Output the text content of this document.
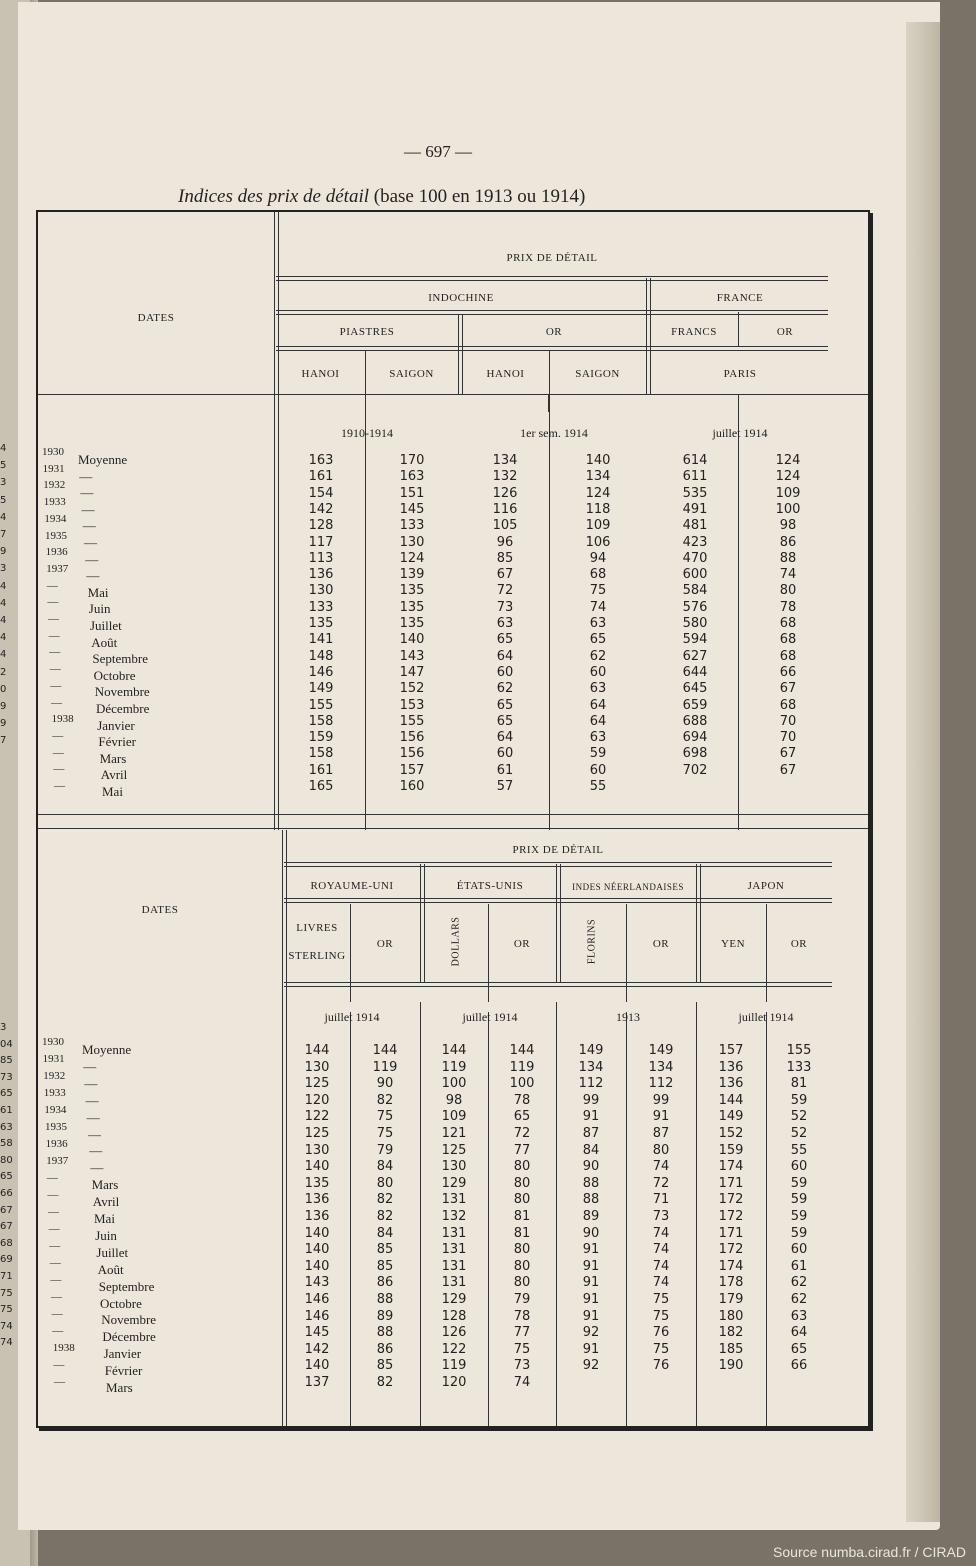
4
5
3
5
4
7
9
3
4
4
4
4
4
2
0
9
9
7
3
04
85
73
65
61
63
58
80
65
66
67
67
68
69
71
75
75
74
74
— 697 —
Indices des prix de détail (base 100 en 1913 ou 1914)
PRIX DE DÉTAIL
DATES
INDOCHINE	FRANCE
PIASTRES	OR	FRANCS	OR
HANOI	SAIGON	HANOI	SAIGON	PARIS
1910-1914	1er sem. 1914	juillet 1914
1930 Moyenne	163	170	134	140	614	124
1931 —	161	163	132	134	611	124
1932 —	154	151	126	124	535	109
1933 —	142	145	116	118	491	100
1934 —	128	133	105	109	481	98
1935 —	117	130	96	106	423	86
1936 —	113	124	85	94	470	88
1937 —	136	139	67	68	600	74
— Mai	130	135	72	75	584	80
— Juin	133	135	73	74	576	78
— Juillet	135	135	63	63	580	68
— Août	141	140	65	65	594	68
— Septembre	148	143	64	62	627	68
—	Octobre	146	147	60	60	644	66
—	Novembre	149	152	62	63	645	67
—	Décembre	155	153	65	64	659	68
1938 Janvier	158	155	65	64	688	70
—	Février	159	156	64	63	694	70
—	Mars	158	156	60	59	698	67
—	Avril	161	157	61	60	702	67
—	Mai	165	160	57	55
PRIX DE DÉTAIL
DATES
ROYAUME-UNI	ÉTATS-UNIS	INDES NÉERLANDAISES	JAPON
LIVRES
STERLING
OR	DOLLARS	OR	FLORINS	OR	YEN	OR
juillet 1914	juillet 1914	1913	juillet 1914
1930 Moyenne	144	144	144	144	149	149	157	155
1931 —	130	119	119	119	134	134	136	133
1932 —	125	90	100	100	112	112	136	81
1933 —	120	82	98	78	99	99	144	59
1934 —	122	75	109	65	91	91	149	52
1935 —	125	75	121	72	87	87	152	52
1936 —	130	79	125	77	84	80	159	55
1937 —	140	84	130	80	90	74	174	60
—	Mars	135	80	129	80	88	72	171	59
—	Avril	136	82	131	80	88	71	172	59
—	Mai	136	82	132	81	89	73	172	59
—	Juin	140	84	131	81	90	74	171	59
—	Juillet	140	85	131	80	91	74	172	60
—	Août	140	85	131	80	91	74	174	61
—	Septembre	143	86	131	80	91	74	178	62
—	Octobre	146	88	129	79	91	75	179	62
—	Novembre	146	89	128	78	91	75	180	63
—	Décembre	145	88	126	77	92	76	182	64
1938 Janvier	142	86	122	75	91	75	185	65
—	Février	140	85	119	73	92	76	190	66
—	Mars	137	82	120	74
Source numba.cirad.fr / CIRAD
